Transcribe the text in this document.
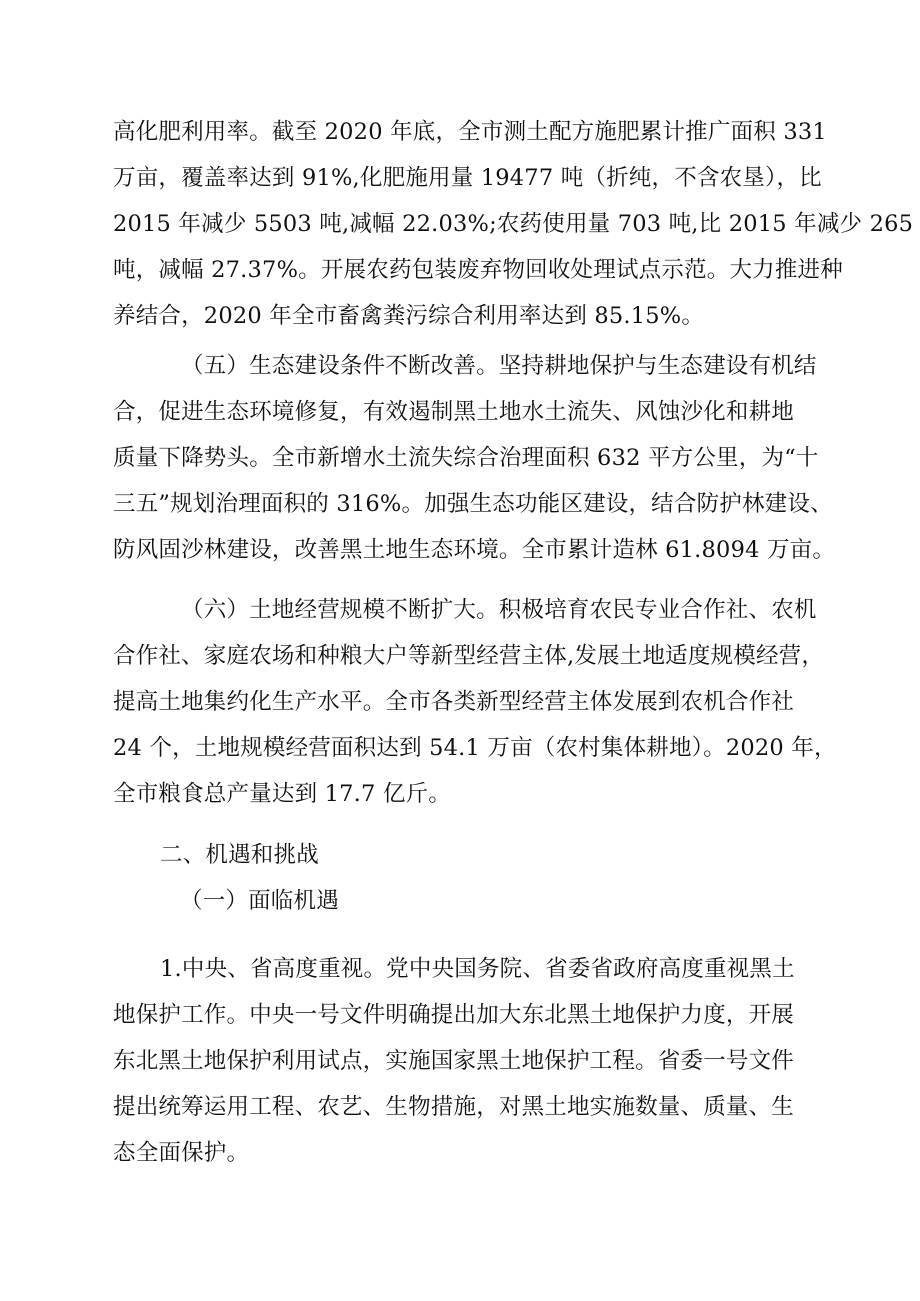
高化肥利用率。截至 2020 年底，全市测土配方施肥累计推广面积 331
万亩，覆盖率达到 91%,化肥施用量 19477 吨（折纯，不含农垦），比
2015 年减少 5503 吨,减幅 22.03%;农药使用量 703 吨,比 2015 年减少 265
吨，减幅 27.37%。开展农药包装废弃物回收处理试点示范。大力推进种
养结合，2020 年全市畜禽粪污综合利用率达到 85.15%。
（五）生态建设条件不断改善。坚持耕地保护与生态建设有机结
合，促进生态环境修复，有效遏制黑土地水土流失、风蚀沙化和耕地
质量下降势头。全市新增水土流失综合治理面积 632 平方公里，为“十
三五”规划治理面积的 316%。加强生态功能区建设，结合防护林建设、
防风固沙林建设，改善黑土地生态环境。全市累计造林 61.8094 万亩。
（六）土地经营规模不断扩大。积极培育农民专业合作社、农机
合作社、家庭农场和种粮大户等新型经营主体,发展土地适度规模经营，
提高土地集约化生产水平。全市各类新型经营主体发展到农机合作社
24 个，土地规模经营面积达到 54.1 万亩（农村集体耕地）。2020 年，
全市粮食总产量达到 17.7 亿斤。
二、机遇和挑战
（一）面临机遇
1.中央、省高度重视。党中央国务院、省委省政府高度重视黑土
地保护工作。中央一号文件明确提出加大东北黑土地保护力度，开展
东北黑土地保护利用试点，实施国家黑土地保护工程。省委一号文件
提出统筹运用工程、农艺、生物措施，对黑土地实施数量、质量、生
态全面保护。
